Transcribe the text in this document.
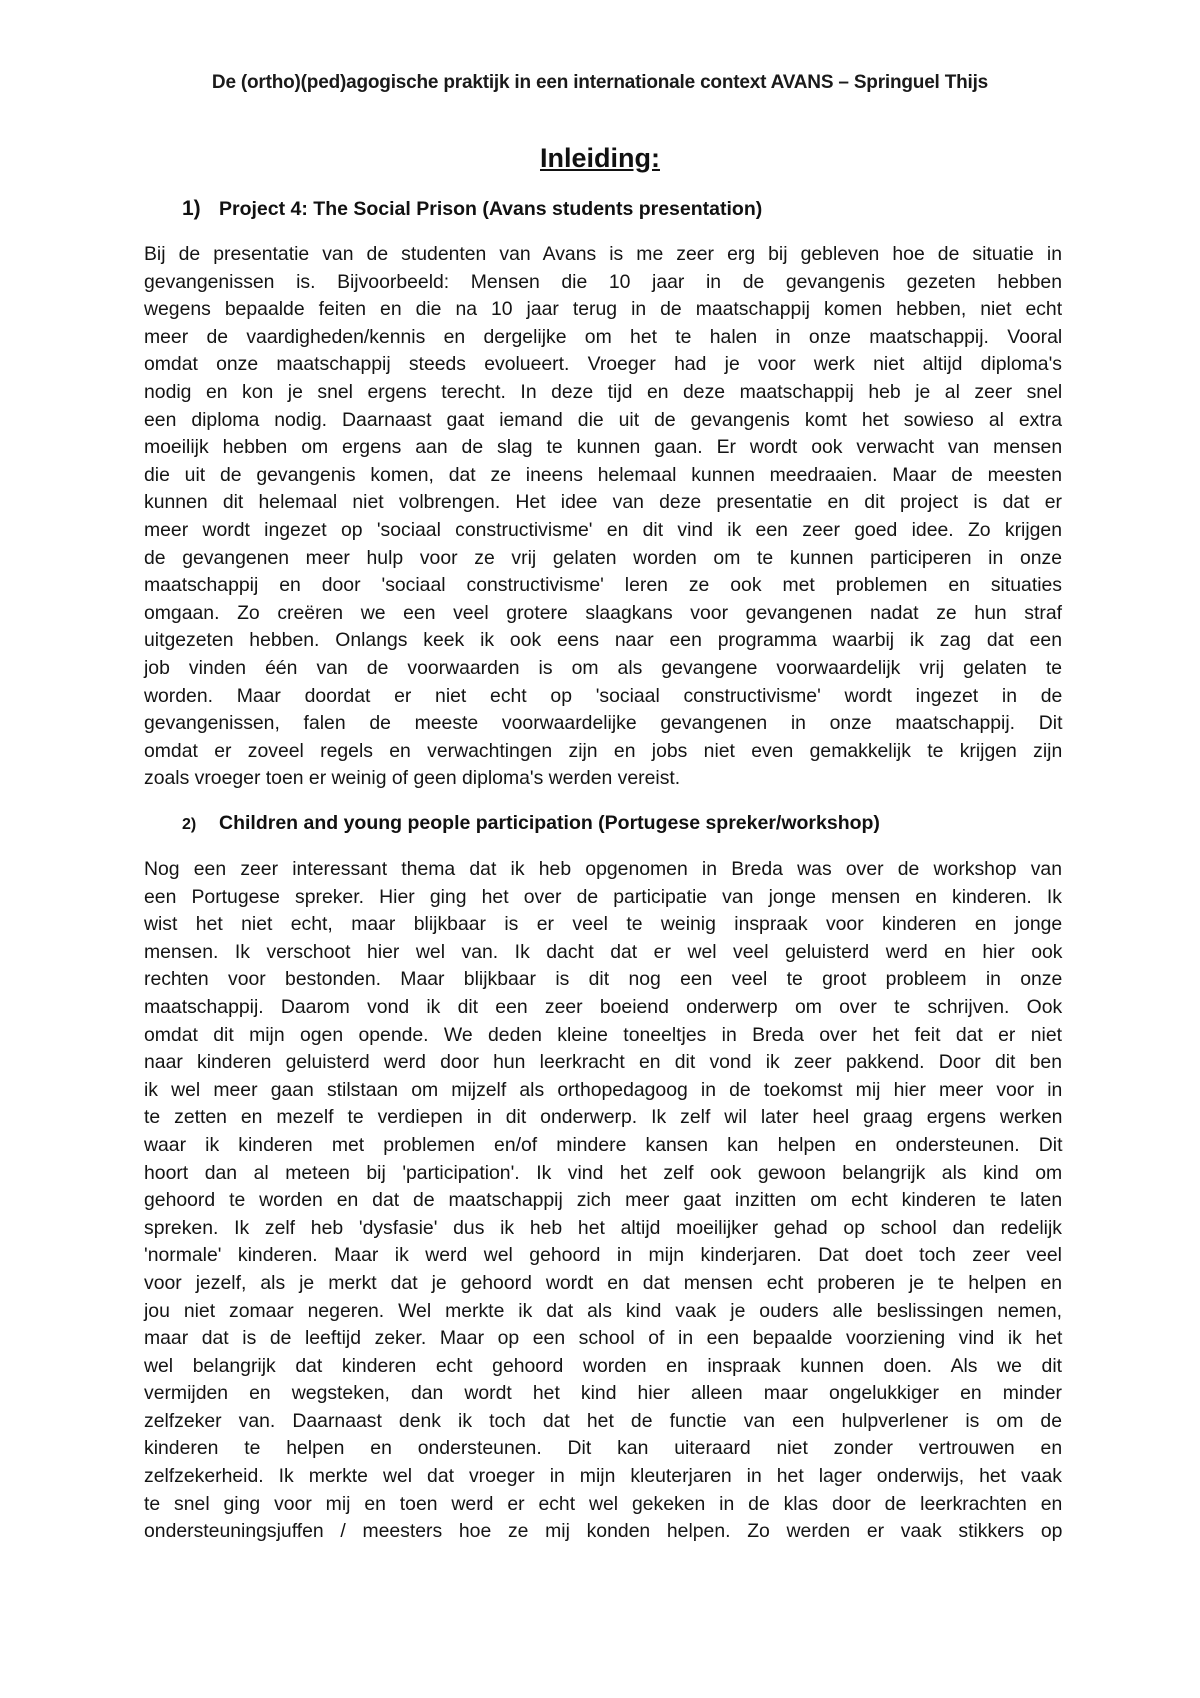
De (ortho)(ped)agogische praktijk in een internationale context AVANS – Springuel Thijs
Inleiding:
1) Project 4: The Social Prison (Avans students presentation)
Bij de presentatie van de studenten van Avans is me zeer erg bij gebleven hoe de situatie in
gevangenissen is. Bijvoorbeeld: Mensen die 10 jaar in de gevangenis gezeten hebben
wegens bepaalde feiten en die na 10 jaar terug in de maatschappij komen hebben, niet echt
meer de vaardigheden/kennis en dergelijke om het te halen in onze maatschappij. Vooral
omdat onze maatschappij steeds evolueert. Vroeger had je voor werk niet altijd diploma's
nodig en kon je snel ergens terecht. In deze tijd en deze maatschappij heb je al zeer snel
een diploma nodig. Daarnaast gaat iemand die uit de gevangenis komt het sowieso al extra
moeilijk hebben om ergens aan de slag te kunnen gaan. Er wordt ook verwacht van mensen
die uit de gevangenis komen, dat ze ineens helemaal kunnen meedraaien. Maar de meesten
kunnen dit helemaal niet volbrengen. Het idee van deze presentatie en dit project is dat er
meer wordt ingezet op 'sociaal constructivisme' en dit vind ik een zeer goed idee. Zo krijgen
de gevangenen meer hulp voor ze vrij gelaten worden om te kunnen participeren in onze
maatschappij en door 'sociaal constructivisme' leren ze ook met problemen en situaties
omgaan. Zo creëren we een veel grotere slaagkans voor gevangenen nadat ze hun straf
uitgezeten hebben. Onlangs keek ik ook eens naar een programma waarbij ik zag dat een
job vinden één van de voorwaarden is om als gevangene voorwaardelijk vrij gelaten te
worden. Maar doordat er niet echt op 'sociaal constructivisme' wordt ingezet in de
gevangenissen, falen de meeste voorwaardelijke gevangenen in onze maatschappij. Dit
omdat er zoveel regels en verwachtingen zijn en jobs niet even gemakkelijk te krijgen zijn
zoals vroeger toen er weinig of geen diploma's werden vereist.
2) Children and young people participation (Portugese spreker/workshop)
Nog een zeer interessant thema dat ik heb opgenomen in Breda was over de workshop van
een Portugese spreker. Hier ging het over de participatie van jonge mensen en kinderen. Ik
wist het niet echt, maar blijkbaar is er veel te weinig inspraak voor kinderen en jonge
mensen. Ik verschoot hier wel van. Ik dacht dat er wel veel geluisterd werd en hier ook
rechten voor bestonden. Maar blijkbaar is dit nog een veel te groot probleem in onze
maatschappij. Daarom vond ik dit een zeer boeiend onderwerp om over te schrijven. Ook
omdat dit mijn ogen opende. We deden kleine toneeltjes in Breda over het feit dat er niet
naar kinderen geluisterd werd door hun leerkracht en dit vond ik zeer pakkend. Door dit ben
ik wel meer gaan stilstaan om mijzelf als orthopedagoog in de toekomst mij hier meer voor in
te zetten en mezelf te verdiepen in dit onderwerp. Ik zelf wil later heel graag ergens werken
waar ik kinderen met problemen en/of mindere kansen kan helpen en ondersteunen. Dit
hoort dan al meteen bij 'participation'. Ik vind het zelf ook gewoon belangrijk als kind om
gehoord te worden en dat de maatschappij zich meer gaat inzitten om echt kinderen te laten
spreken. Ik zelf heb 'dysfasie' dus ik heb het altijd moeilijker gehad op school dan redelijk
'normale' kinderen. Maar ik werd wel gehoord in mijn kinderjaren. Dat doet toch zeer veel
voor jezelf, als je merkt dat je gehoord wordt en dat mensen echt proberen je te helpen en
jou niet zomaar negeren. Wel merkte ik dat als kind vaak je ouders alle beslissingen nemen,
maar dat is de leeftijd zeker. Maar op een school of in een bepaalde voorziening vind ik het
wel belangrijk dat kinderen echt gehoord worden en inspraak kunnen doen. Als we dit
vermijden en wegsteken, dan wordt het kind hier alleen maar ongelukkiger en minder
zelfzeker van. Daarnaast denk ik toch dat het de functie van een hulpverlener is om de
kinderen te helpen en ondersteunen. Dit kan uiteraard niet zonder vertrouwen en
zelfzekerheid. Ik merkte wel dat vroeger in mijn kleuterjaren in het lager onderwijs, het vaak
te snel ging voor mij en toen werd er echt wel gekeken in de klas door de leerkrachten en
ondersteuningsjuffen / meesters hoe ze mij konden helpen. Zo werden er vaak stikkers op
